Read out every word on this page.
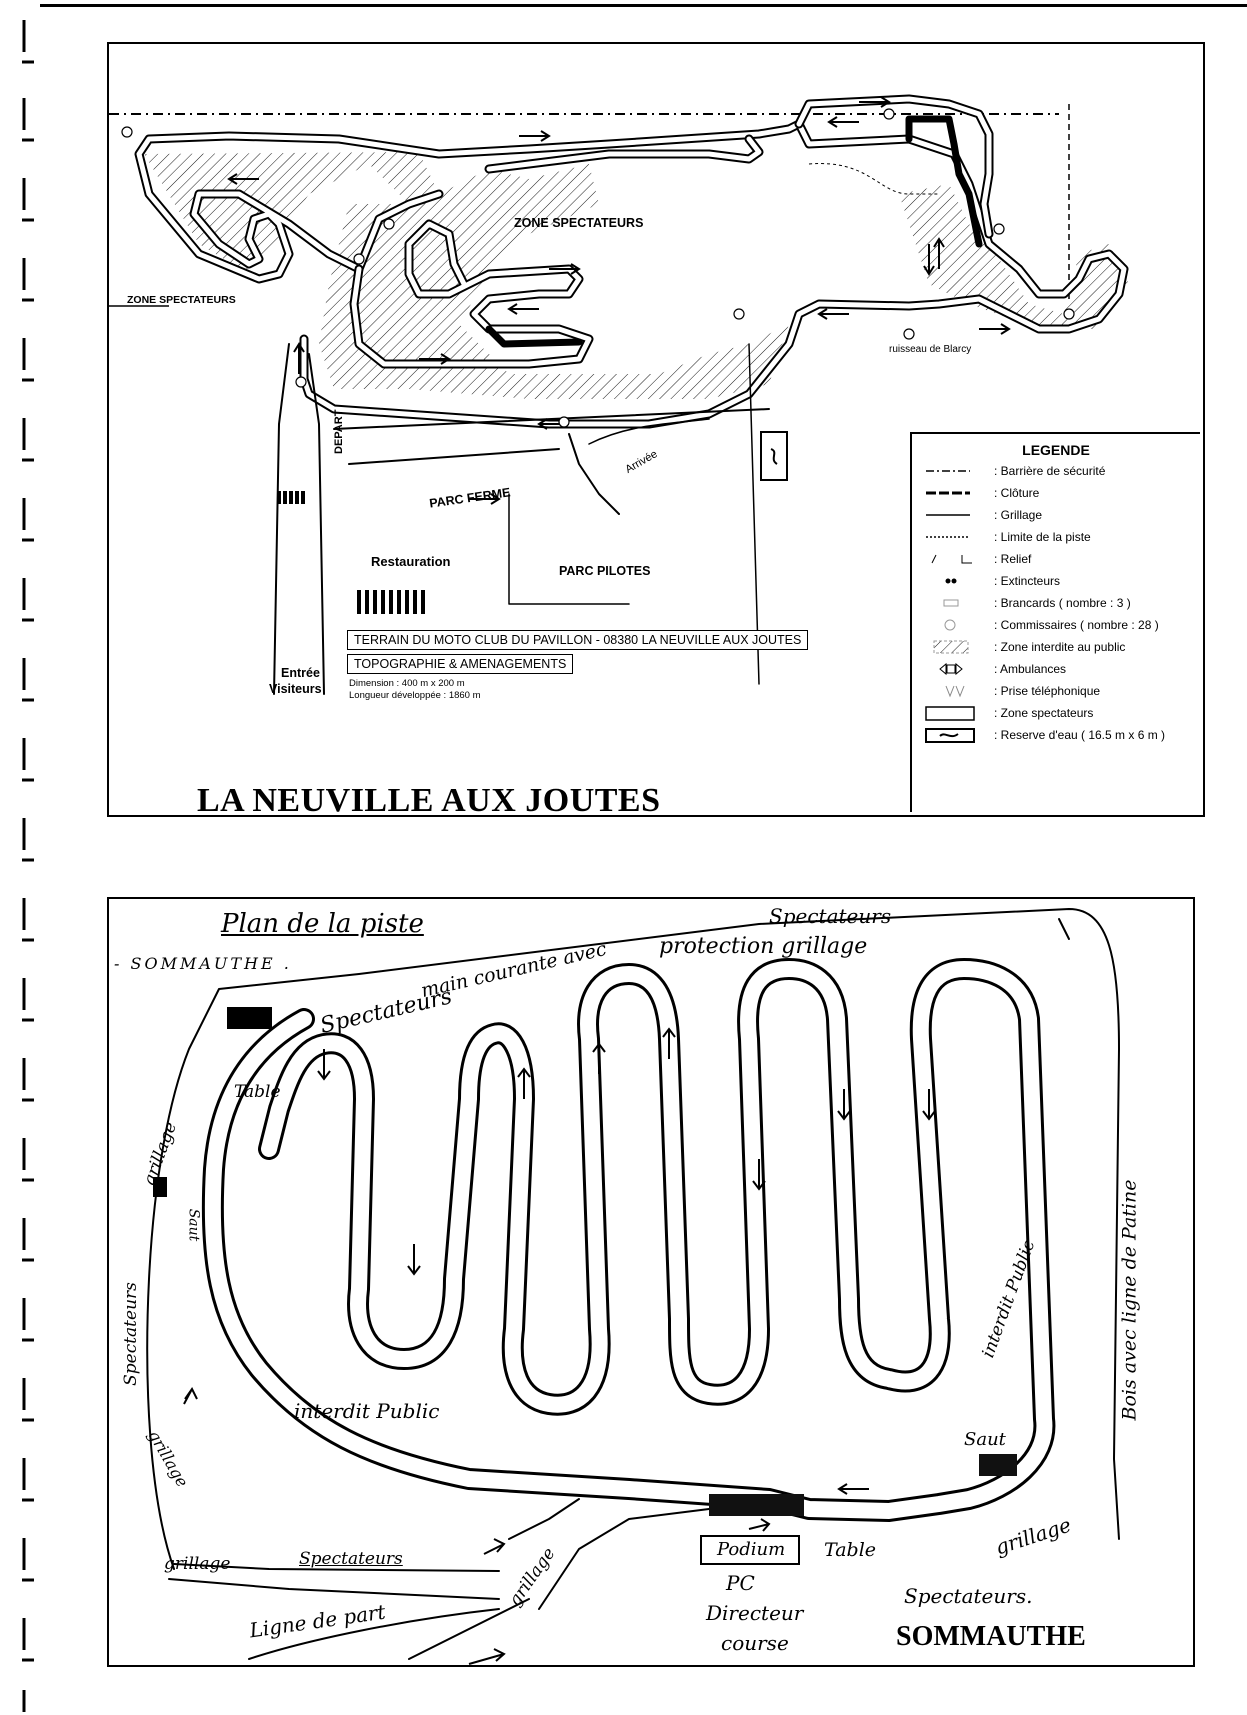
ZONE SPECTATEURS
ZONE SPECTATEURS
PARC FERME
PARC PILOTES
Restauration
DEPART
Arrivée
Entrée
Visiteurs
ruisseau de Blarcy
TERRAIN DU MOTO CLUB DU PAVILLON - 08380 LA NEUVILLE AUX JOUTES
TOPOGRAPHIE & AMENAGEMENTS
Dimension : 400 m x 200 m
Longueur développée : 1860 m
LA NEUVILLE AUX JOUTES
LEGENDE
: Barrière de sécurité
: Clôture
: Grillage
: Limite de la piste
: Relief
: Extincteurs
: Brancards ( nombre : 3 )
: Commissaires ( nombre : 28 )
: Zone interdite au public
: Ambulances
: Prise téléphonique
: Zone spectateurs
: Reserve d'eau ( 16.5 m x 6 m )
Plan de la piste
- SOMMAUTHE .
Spectateurs
protection grillage
main courante avec
Spectateurs
Table
grillage
Spectateurs
Saut
interdit Public
interdit Public
Saut
Bois avec ligne de Patine
grillage
grillage	Spectateurs
Ligne de part
grillage	Podium
PC
Directeur
course
Table	grillage
Spectateurs.
SOMMAUTHE
